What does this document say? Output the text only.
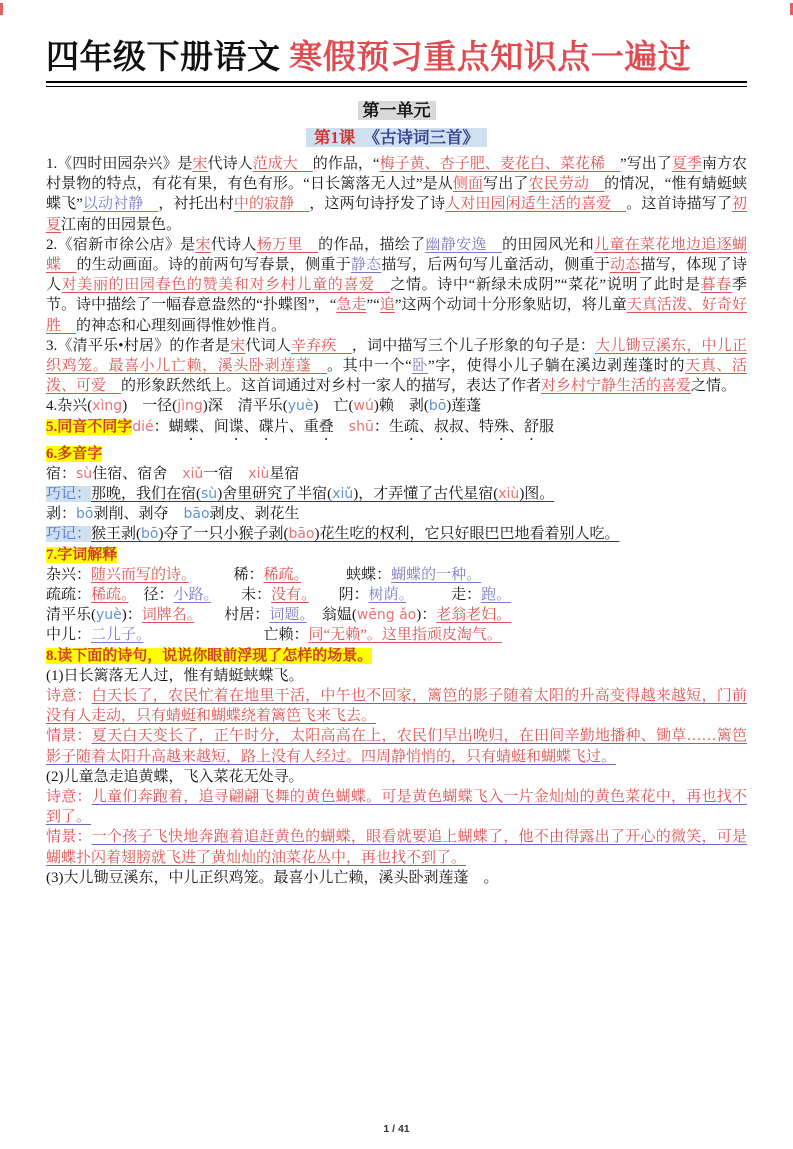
四年级下册语文 寒假预习重点知识点一遍过
第一单元
第1课　《古诗词三首》

1.《四时田园杂兴》是宋代诗人范成大　的作品，“梅子黄、杏子肥、麦花白、菜花稀　”写出了夏季南方农村景物的特点，有花有果，有色有形。“日长篱落无人过”是从侧面写出了农民劳动　的情况，“惟有蜻蜓蛱蝶飞”以动衬静　，衬托出村中的寂静　，这两句诗抒发了诗人对田园闲适生活的喜爱　。这首诗描写了初夏江南的田园景色。

2.《宿新市徐公店》是宋代诗人杨万里　的作品，描绘了幽静安逸　的田园风光和儿童在菜花地边追逐蝴蝶　的生动画面。诗的前两句写春景，侧重于静态描写，后两句写儿童活动，侧重于动态描写，体现了诗人对美丽的田园春色的赞美和对乡村儿童的喜爱　之情。诗中“新绿未成阴”“菜花”说明了此时是暮春季节。诗中描绘了一幅春意盎然的“扑蝶图”，“急走”“追”这两个动词十分形象贴切，将儿童天真活泼、好奇好胜　的神态和心理刻画得惟妙惟肖。

3.《清平乐•村居》的作者是宋代词人辛弃疾　，词中描写三个儿子形象的句子是：大儿锄豆溪东，中儿正织鸡笼。最喜小儿亡赖，溪头卧剥莲蓬　。其中一个“卧”字，使得小儿子躺在溪边剥莲蓬时的天真、活泼、可爱　的形象跃然纸上。这首词通过对乡村一家人的描写，表达了作者对乡村宁静生活的喜爱之情。

4.杂兴(xìng)　一径(jìng)深　清平乐(yuè)　亡(wú)赖　剥(bō)莲蓬

5.同音不同字dié：蝴蝶、间谍、碟片、重叠　 shū：生疏、叔叔、特殊、舒服

6.多音字

宿：sù住宿、宿舍　xiǔ一宿　xiù星宿

巧记：那晚，我们在宿(sù)舍里研究了半宿(xiǔ)，才弄懂了古代星宿(xiù)图。

剥：bō剥削、剥夺　bāo剥皮、剥花生

巧记：猴王剥(bō)夺了一只小猴子剥(bāo)花生吃的权利，它只好眼巴巴地看着别人吃。

7.字词解释

杂兴：随兴而写的诗。　　　稀：稀疏。　　　蛱蝶：蝴蝶的一种。

疏疏：稀疏。　径：小路。　　未：没有。　　阴：树荫。　　　走：跑。

清平乐(yuè)：词牌名。　　村居：词题。　翁媪(wēng ǎo)：老翁老妇。

中儿：二儿子。　　　　　　　　亡赖：同“无赖”。这里指顽皮淘气。

8.读下面的诗句，说说你眼前浮现了怎样的场景。

(1)日长篱落无人过，惟有蜻蜓蛱蝶飞。

诗意：白天长了，农民忙着在地里干活，中午也不回家，篱笆的影子随着太阳的升高变得越来越短，门前没有人走动，只有蜻蜓和蝴蝶绕着篱笆飞来飞去。

情景：夏天白天变长了，正午时分，太阳高高在上，农民们早出晚归，在田间辛勤地播种、锄草……篱笆影子随着太阳升高越来越短，路上没有人经过。四周静悄悄的，只有蜻蜓和蝴蝶飞过。

(2)儿童急走追黄蝶，飞入菜花无处寻。

诗意：儿童们奔跑着，追寻翩翩飞舞的黄色蝴蝶。可是黄色蝴蝶飞入一片金灿灿的黄色菜花中，再也找不到了。

情景：一个孩子飞快地奔跑着追赶黄色的蝴蝶，眼看就要追上蝴蝶了，他不由得露出了开心的微笑，可是蝴蝶扑闪着翅膀就飞进了黄灿灿的油菜花丛中，再也找不到了。

(3)大儿锄豆溪东，中儿正织鸡笼。最喜小儿亡赖，溪头卧剥莲蓬　。

1 / 41
